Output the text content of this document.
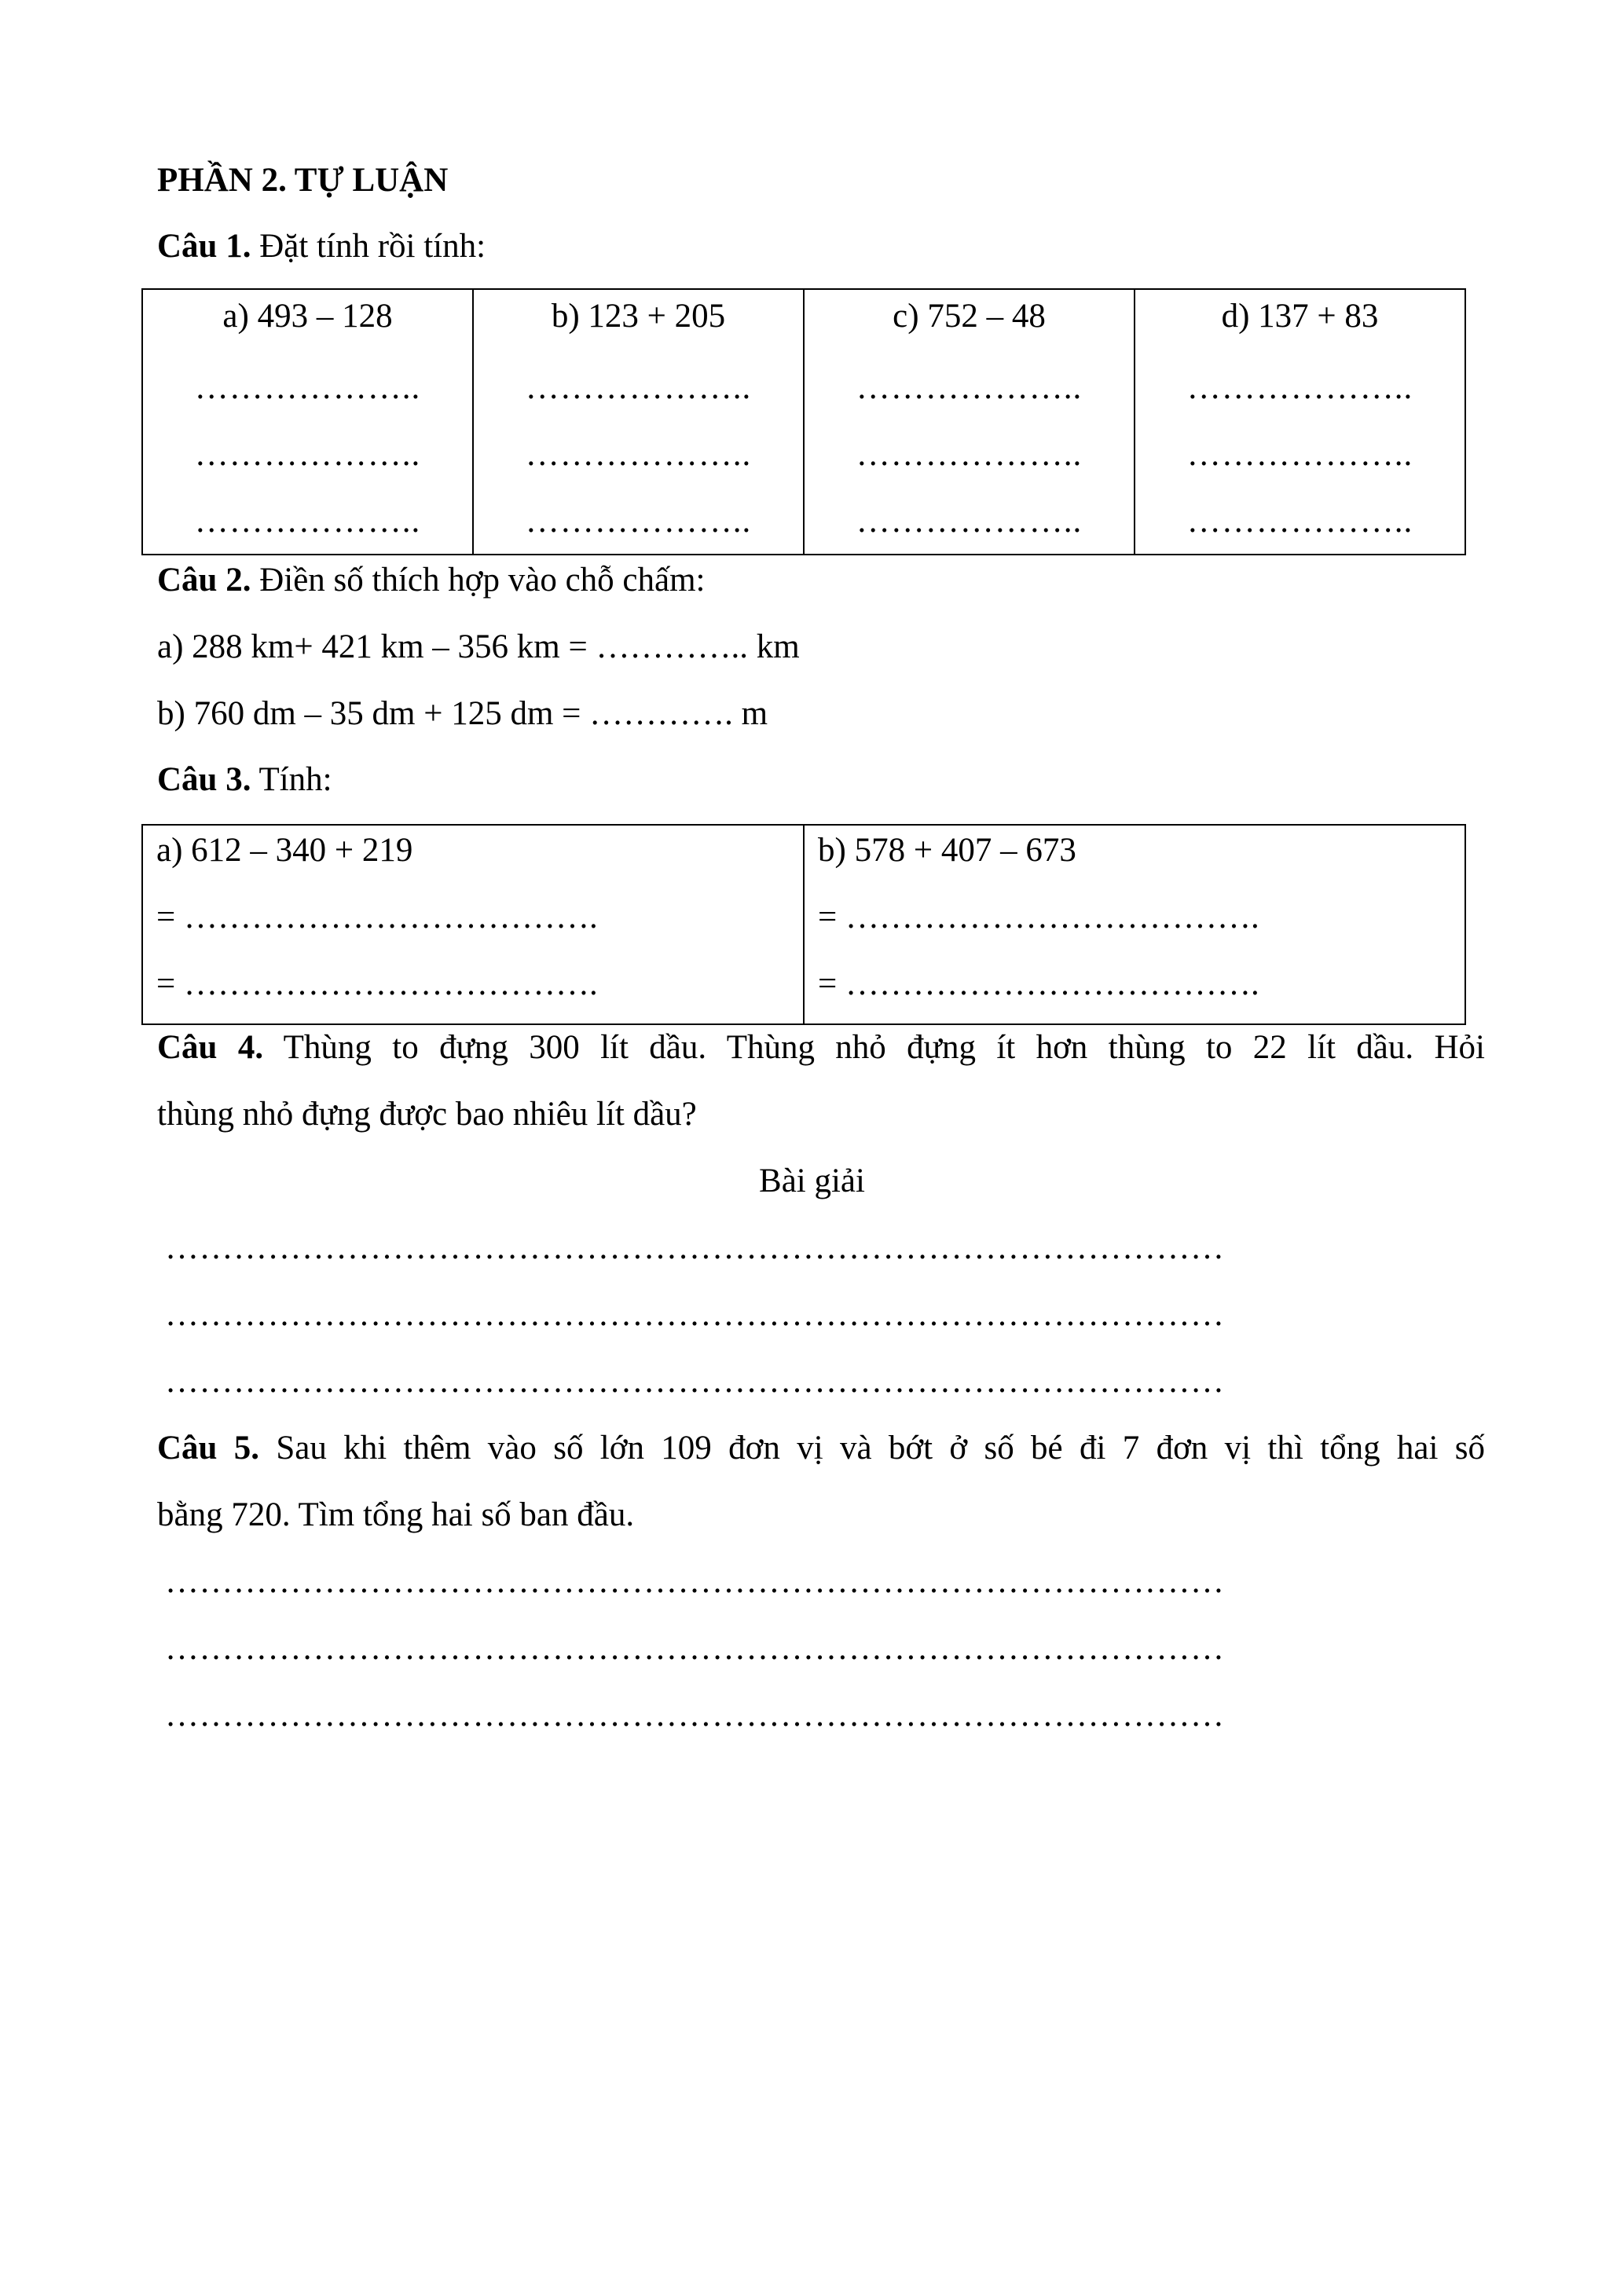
PHẦN 2. TỰ LUẬN
Câu 1. Đặt tính rồi tính:
a) 493 – 128
………………..
………………..
………………..
b) 123 + 205
………………..
………………..
………………..
c) 752 – 48
………………..
………………..
………………..
d) 137 + 83
………………..
………………..
………………..
Câu 2. Điền số thích hợp vào chỗ chấm:
a) 288 km+ 421 km – 356 km = ………….. km
b) 760 dm – 35 dm + 125 dm = …………. m
Câu 3. Tính:
a) 612 – 340 + 219
= ……………………………….
= ……………………………….
b) 578 + 407 – 673
= ……………………………….
= ……………………………….
Câu 4. Thùng to đựng 300 lít dầu. Thùng nhỏ đựng ít hơn thùng to 22 lít dầu. Hỏi
thùng nhỏ đựng được bao nhiêu lít dầu?
Bài giải
…………………………………………………………………………………
…………………………………………………………………………………
…………………………………………………………………………………
Câu 5. Sau khi thêm vào số lớn 109 đơn vị và bớt ở số bé đi 7 đơn vị thì tổng hai số
bằng 720. Tìm tổng hai số ban đầu.
…………………………………………………………………………………
…………………………………………………………………………………
…………………………………………………………………………………
